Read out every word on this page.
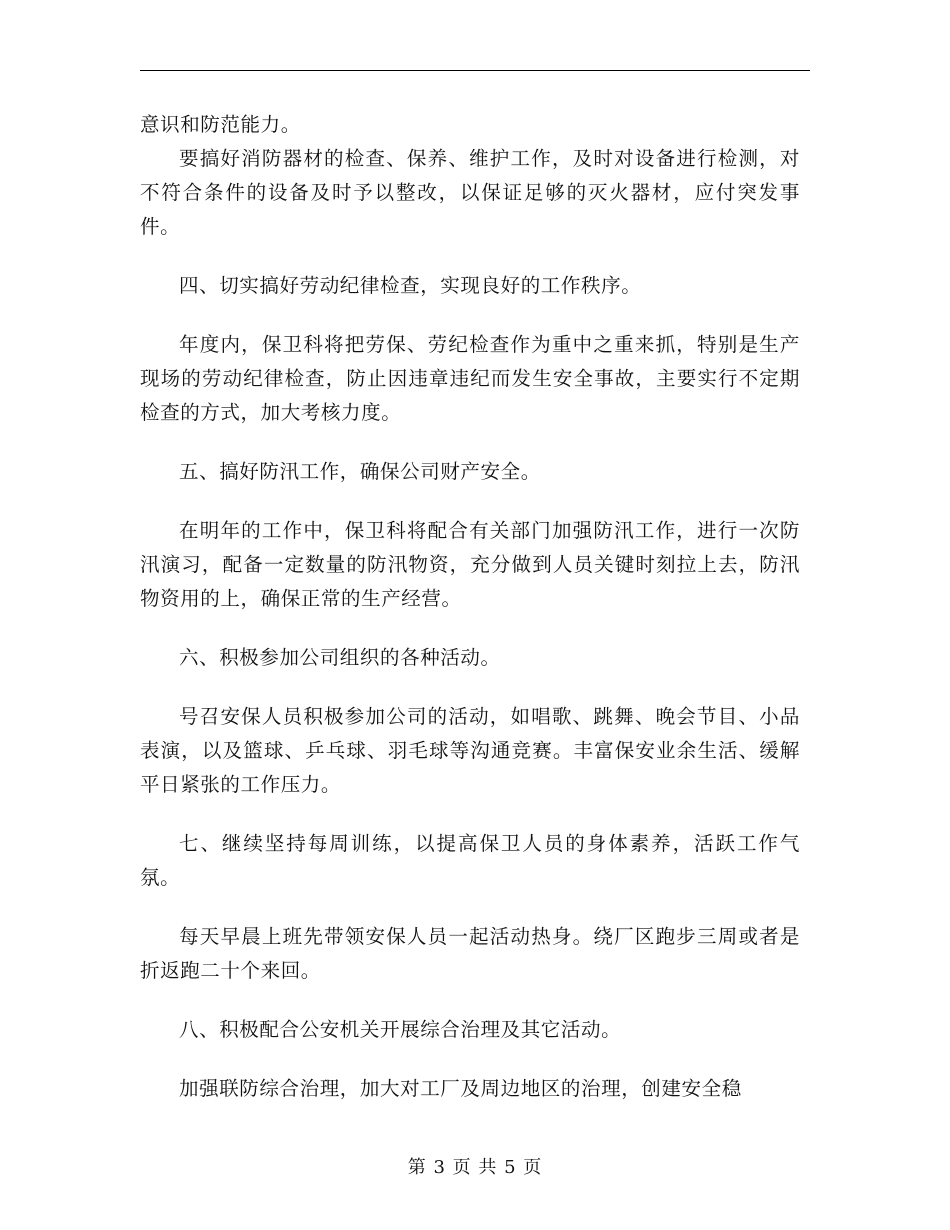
意识和防范能力。

要搞好消防器材的检查、保养、维护工作，及时对设备进行检测，对不符合条件的设备及时予以整改，以保证足够的灭火器材，应付突发事件。

四、切实搞好劳动纪律检查，实现良好的工作秩序。

年度内，保卫科将把劳保、劳纪检查作为重中之重来抓，特别是生产现场的劳动纪律检查，防止因违章违纪而发生安全事故，主要实行不定期检查的方式，加大考核力度。

五、搞好防汛工作，确保公司财产安全。

在明年的工作中，保卫科将配合有关部门加强防汛工作，进行一次防汛演习，配备一定数量的防汛物资，充分做到人员关键时刻拉上去，防汛物资用的上，确保正常的生产经营。

六、积极参加公司组织的各种活动。

号召安保人员积极参加公司的活动，如唱歌、跳舞、晚会节目、小品表演，以及篮球、乒乓球、羽毛球等沟通竞赛。丰富保安业余生活、缓解平日紧张的工作压力。

七、继续坚持每周训练，以提高保卫人员的身体素养，活跃工作气氛。

每天早晨上班先带领安保人员一起活动热身。绕厂区跑步三周或者是折返跑二十个来回。

八、积极配合公安机关开展综合治理及其它活动。

加强联防综合治理，加大对工厂及周边地区的治理，创建安全稳

第 3 页 共 5 页
